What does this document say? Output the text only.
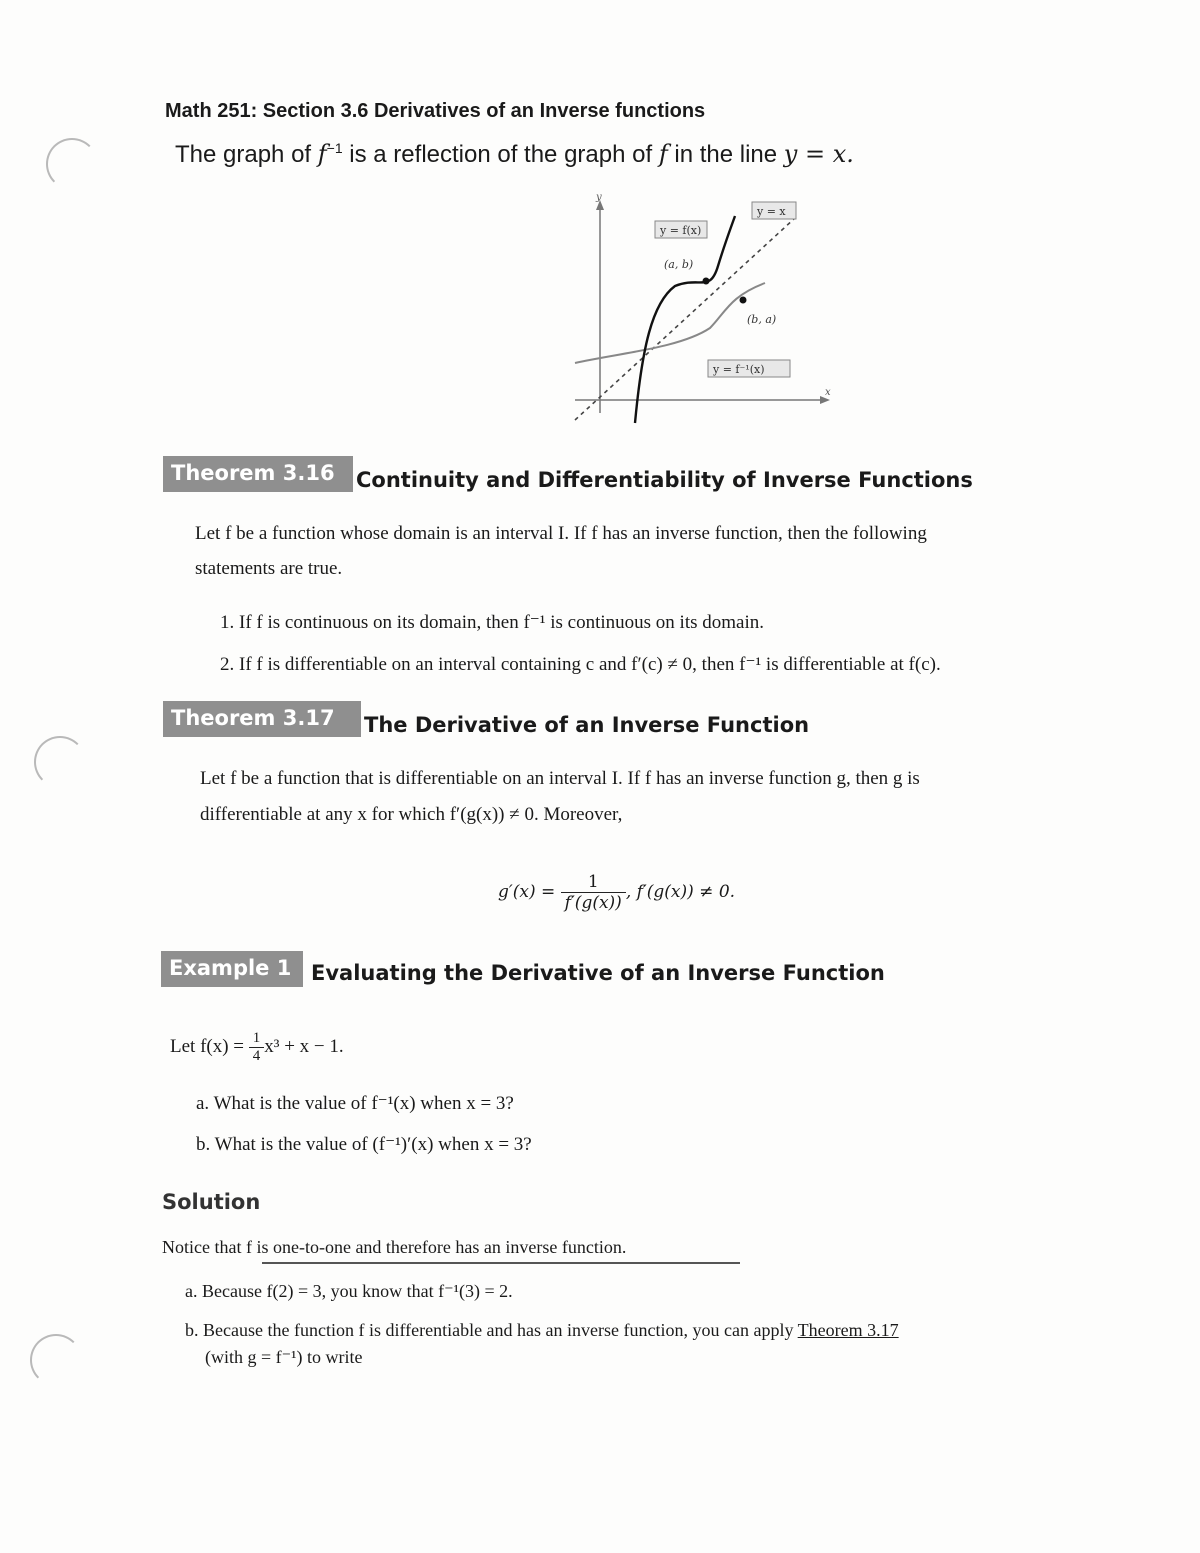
Math 251: Section 3.6 Derivatives of an Inverse functions
The graph of $f^{-1}$ is a reflection of the graph of f in the line y = x.
y
x
y = f(x)
y = x
(a, b)
(b, a)
y = f⁻¹(x)
Theorem 3.16	Continuity and Differentiability of Inverse Functions
Let f be a function whose domain is an interval I. If f has an inverse function, then the following
statements are true.
1. If f is continuous on its domain, then f⁻¹ is continuous on its domain.
2. If f is differentiable on an interval containing c and f′(c) ≠ 0, then f⁻¹ is differentiable at f(c).
Theorem 3.17	The Derivative of an Inverse Function
Let f be a function that is differentiable on an interval I. If f has an inverse function g, then g is
differentiable at any x for which f′(g(x)) ≠ 0. Moreover,
$g'(x) = \frac{1}{f'(g(x))}$ , f′(g(x)) ≠ 0.
Example 1 Evaluating the Derivative of an Inverse Function
Let $f(x) = \frac{1}{4} x^3 + x - 1$.
a. What is the value of f⁻¹(x) when x = 3?
b. What is the value of (f⁻¹)′(x) when x = 3?
Solution
Notice that f is one-to-one and therefore has an inverse function.
a. Because f(2) = 3, you know that f⁻¹(3) = 2.
b. Because the function f is differentiable and has an inverse function, you can apply Theorem 3.17
(with g = f⁻¹) to write
